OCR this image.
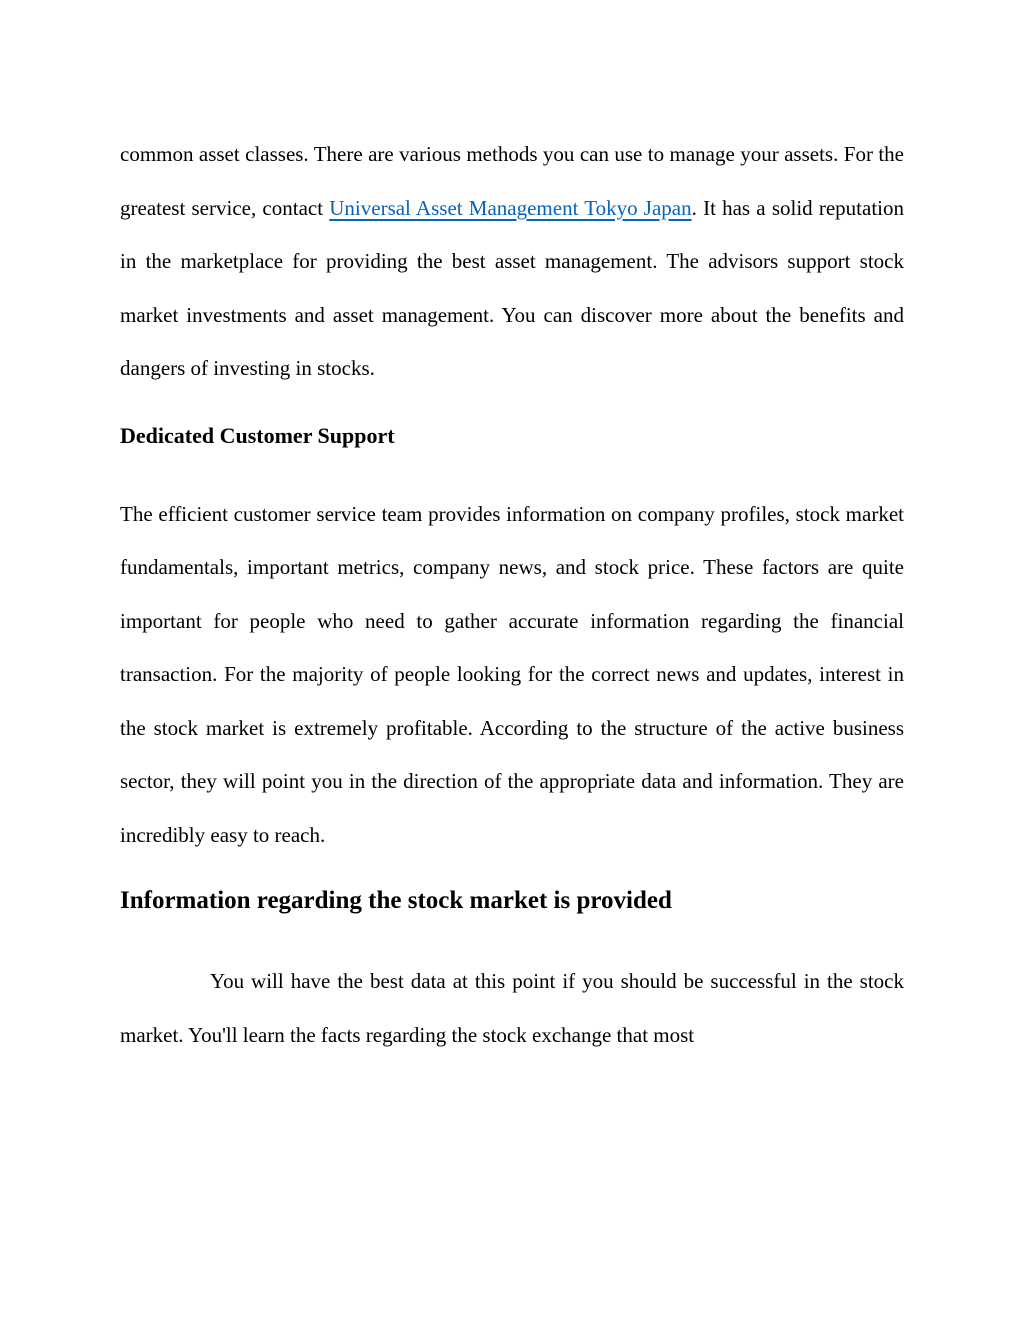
common asset classes. There are various methods you can use to manage your assets. For the greatest service, contact Universal Asset Management Tokyo Japan. It has a solid reputation in the marketplace for providing the best asset management. The advisors support stock market investments and asset management. You can discover more about the benefits and dangers of investing in stocks.

Dedicated Customer Support

The efficient customer service team provides information on company profiles, stock market fundamentals, important metrics, company news, and stock price. These factors are quite important for people who need to gather accurate information regarding the financial transaction. For the majority of people looking for the correct news and updates, interest in the stock market is extremely profitable. According to the structure of the active business sector, they will point you in the direction of the appropriate data and information. They are incredibly easy to reach.

Information regarding the stock market is provided

You will have the best data at this point if you should be successful in the stock market. You'll learn the facts regarding the stock exchange that most
